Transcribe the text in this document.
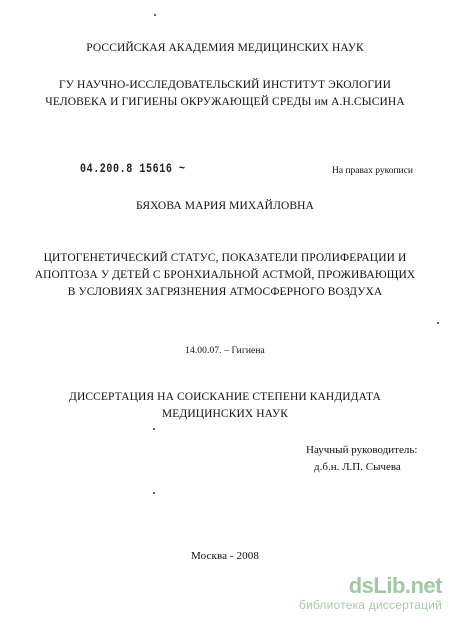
РОССИЙСКАЯ АКАДЕМИЯ МЕДИЦИНСКИХ НАУК
ГУ НАУЧНО-ИССЛЕДОВАТЕЛЬСКИЙ ИНСТИТУТ ЭКОЛОГИИ
ЧЕЛОВЕКА И ГИГИЕНЫ ОКРУЖАЮЩЕЙ СРЕДЫ им А.Н.СЫСИНА
04.200.8 15616 ~	На правах рукописи
БЯХОВА МАРИЯ МИХАЙЛОВНА
ЦИТОГЕНЕТИЧЕСКИЙ СТАТУС, ПОКАЗАТЕЛИ ПРОЛИФЕРАЦИИ И
АПОПТОЗА У ДЕТЕЙ С БРОНХИАЛЬНОЙ АСТМОЙ, ПРОЖИВАЮЩИХ
В УСЛОВИЯХ ЗАГРЯЗНЕНИЯ АТМОСФЕРНОГО ВОЗДУХА
14.00.07. – Гигиена
ДИССЕРТАЦИЯ НА СОИСКАНИЕ СТЕПЕНИ КАНДИДАТА
МЕДИЦИНСКИХ НАУК
Научный руководитель:
д.б.н. Л.П. Сычева
Москва - 2008
dsLib.net
библиотека диссертаций
